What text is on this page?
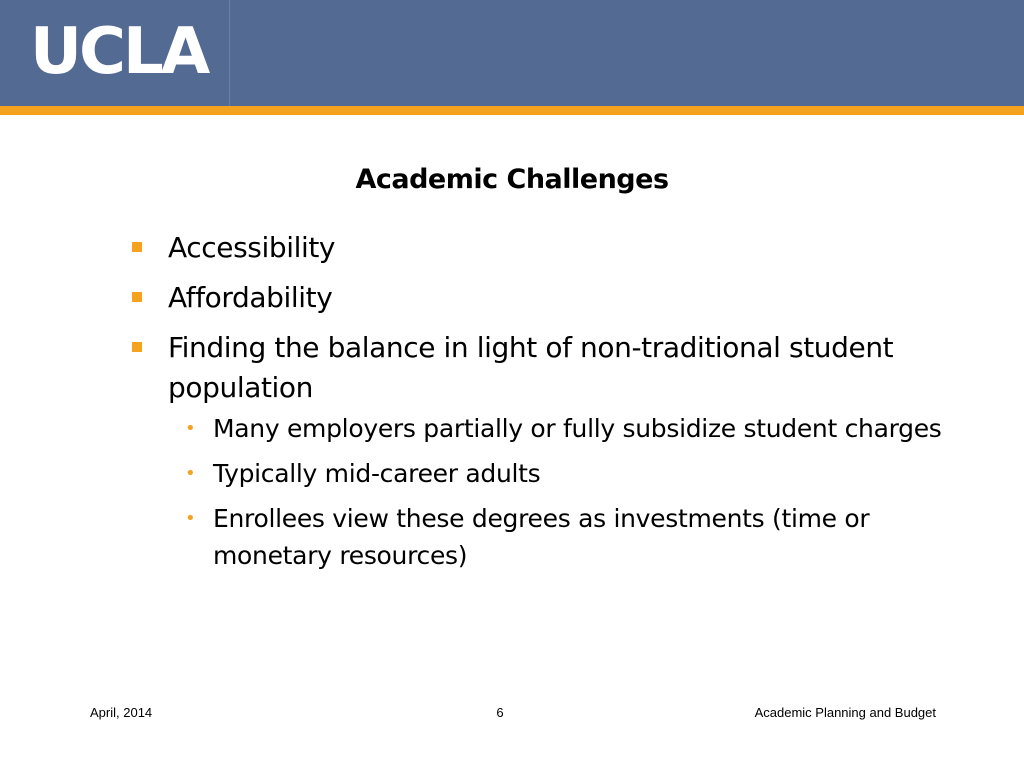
UCLA
Academic Challenges
Accessibility
Affordability
Finding the balance in light of non-traditional student population
• Many employers partially or fully subsidize student charges
• Typically mid-career adults
• Enrollees view these degrees as investments (time or monetary resources)
April, 2014	6	Academic Planning and Budget
